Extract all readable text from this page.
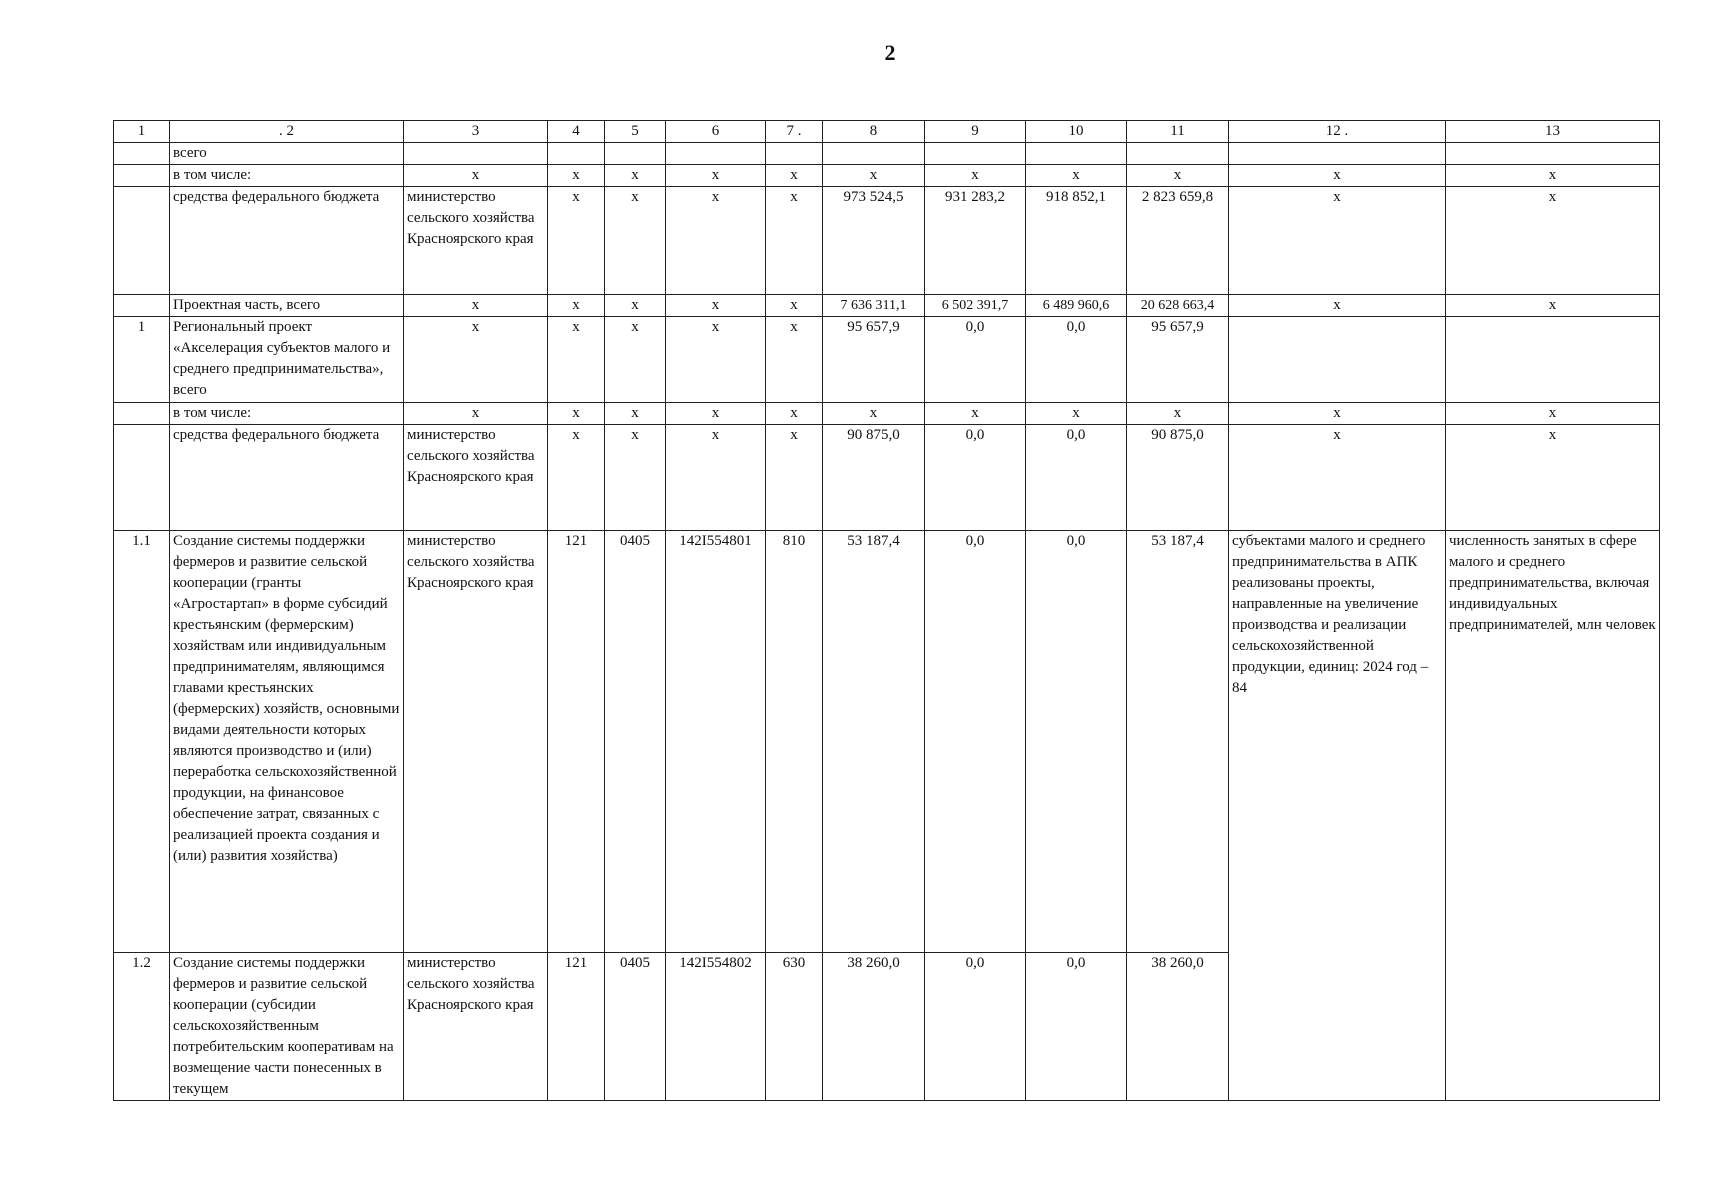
2
1	. 2	3	4	5	6	7 .	8	9	10	11	12 .	13
	всего											
	в том числе:	х	х	х	х	х	х	х	х	х	х	х
	средства федерального бюджета	министерство сельского хозяйства Красноярского края	х	х	х	х	973 524,5	931 283,2	918 852,1	2 823 659,8	х	х
	Проектная часть, всего	х	х	х	х	х	7 636 311,1	6 502 391,7	6 489 960,6	20 628 663,4	х	х
1	Региональный проект «Акселерация субъектов малого и среднего предпринимательства», всего	х	х	х	х	х	95 657,9	0,0	0,0	95 657,9		
	в том числе:	х	х	х	х	х	х	х	х	х	х	х
	средства федерального бюджета	министерство сельского хозяйства Красноярского края	х	х	х	х	90 875,0	0,0	0,0	90 875,0	х	х
1.1	Создание системы поддержки фермеров и развитие сельской кооперации (гранты «Агростартап» в форме субсидий крестьянским (фермерским) хозяйствам или индивидуальным предпринимателям, являющимся главами крестьянских (фермерских) хозяйств, основными видами деятельности которых являются производство и (или) переработка сельскохозяйственной продукции, на финансовое обеспечение затрат, связанных с реализацией проекта создания и (или) развития хозяйства)	министерство сельского хозяйства Красноярского края	121	0405	142I554801	810	53 187,4	0,0	0,0	53 187,4	субъектами малого и среднего предпринимательства в АПК реализованы проекты, направленные на увеличение производства и реализации сельскохозяйственной продукции, единиц: 2024 год – 84	численность занятых в сфере малого и среднего предпринимательства, включая индивидуальных предпринимателей, млн человек
1.2	Создание системы поддержки фермеров и развитие сельской кооперации (субсидии сельскохозяйственным потребительским кооперативам на возмещение части понесенных в текущем	министерство сельского хозяйства Красноярского края	121	0405	142I554802	630	38 260,0	0,0	0,0	38 260,0		
